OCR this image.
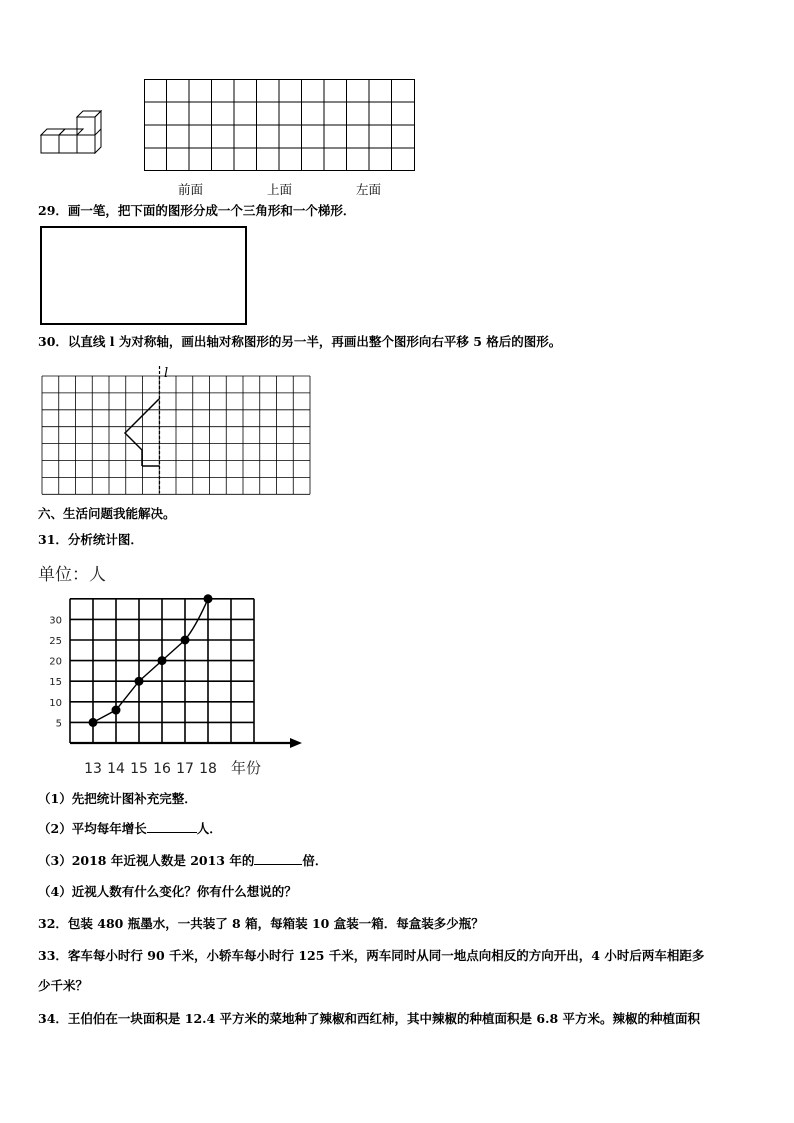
前面	上面	左面
29．画一笔，把下面的图形分成一个三角形和一个梯形．
30．以直线 l 为对称轴，画出轴对称图形的另一半，再画出整个图形向右平移 5 格后的图形。
l
六、生活问题我能解决。
31．分析统计图．
单位：人
5
10
15
20
25
30
13 14 15 16 17 18 年份
（1）先把统计图补充完整．
（2）平均每年增长	人．
（3）2018 年近视人数是 2013 年的	倍．
（4）近视人数有什么变化？你有什么想说的？
32．包装 480 瓶墨水，一共装了 8 箱，每箱装 10 盒装一箱．每盒装多少瓶？
33．客车每小时行 90 千米，小轿车每小时行 125 千米，两车同时从同一地点向相反的方向开出，4 小时后两车相距多
少千米？
34．王伯伯在一块面积是 12.4 平方米的菜地种了辣椒和西红柿，其中辣椒的种植面积是 6.8 平方米。辣椒的种植面积
